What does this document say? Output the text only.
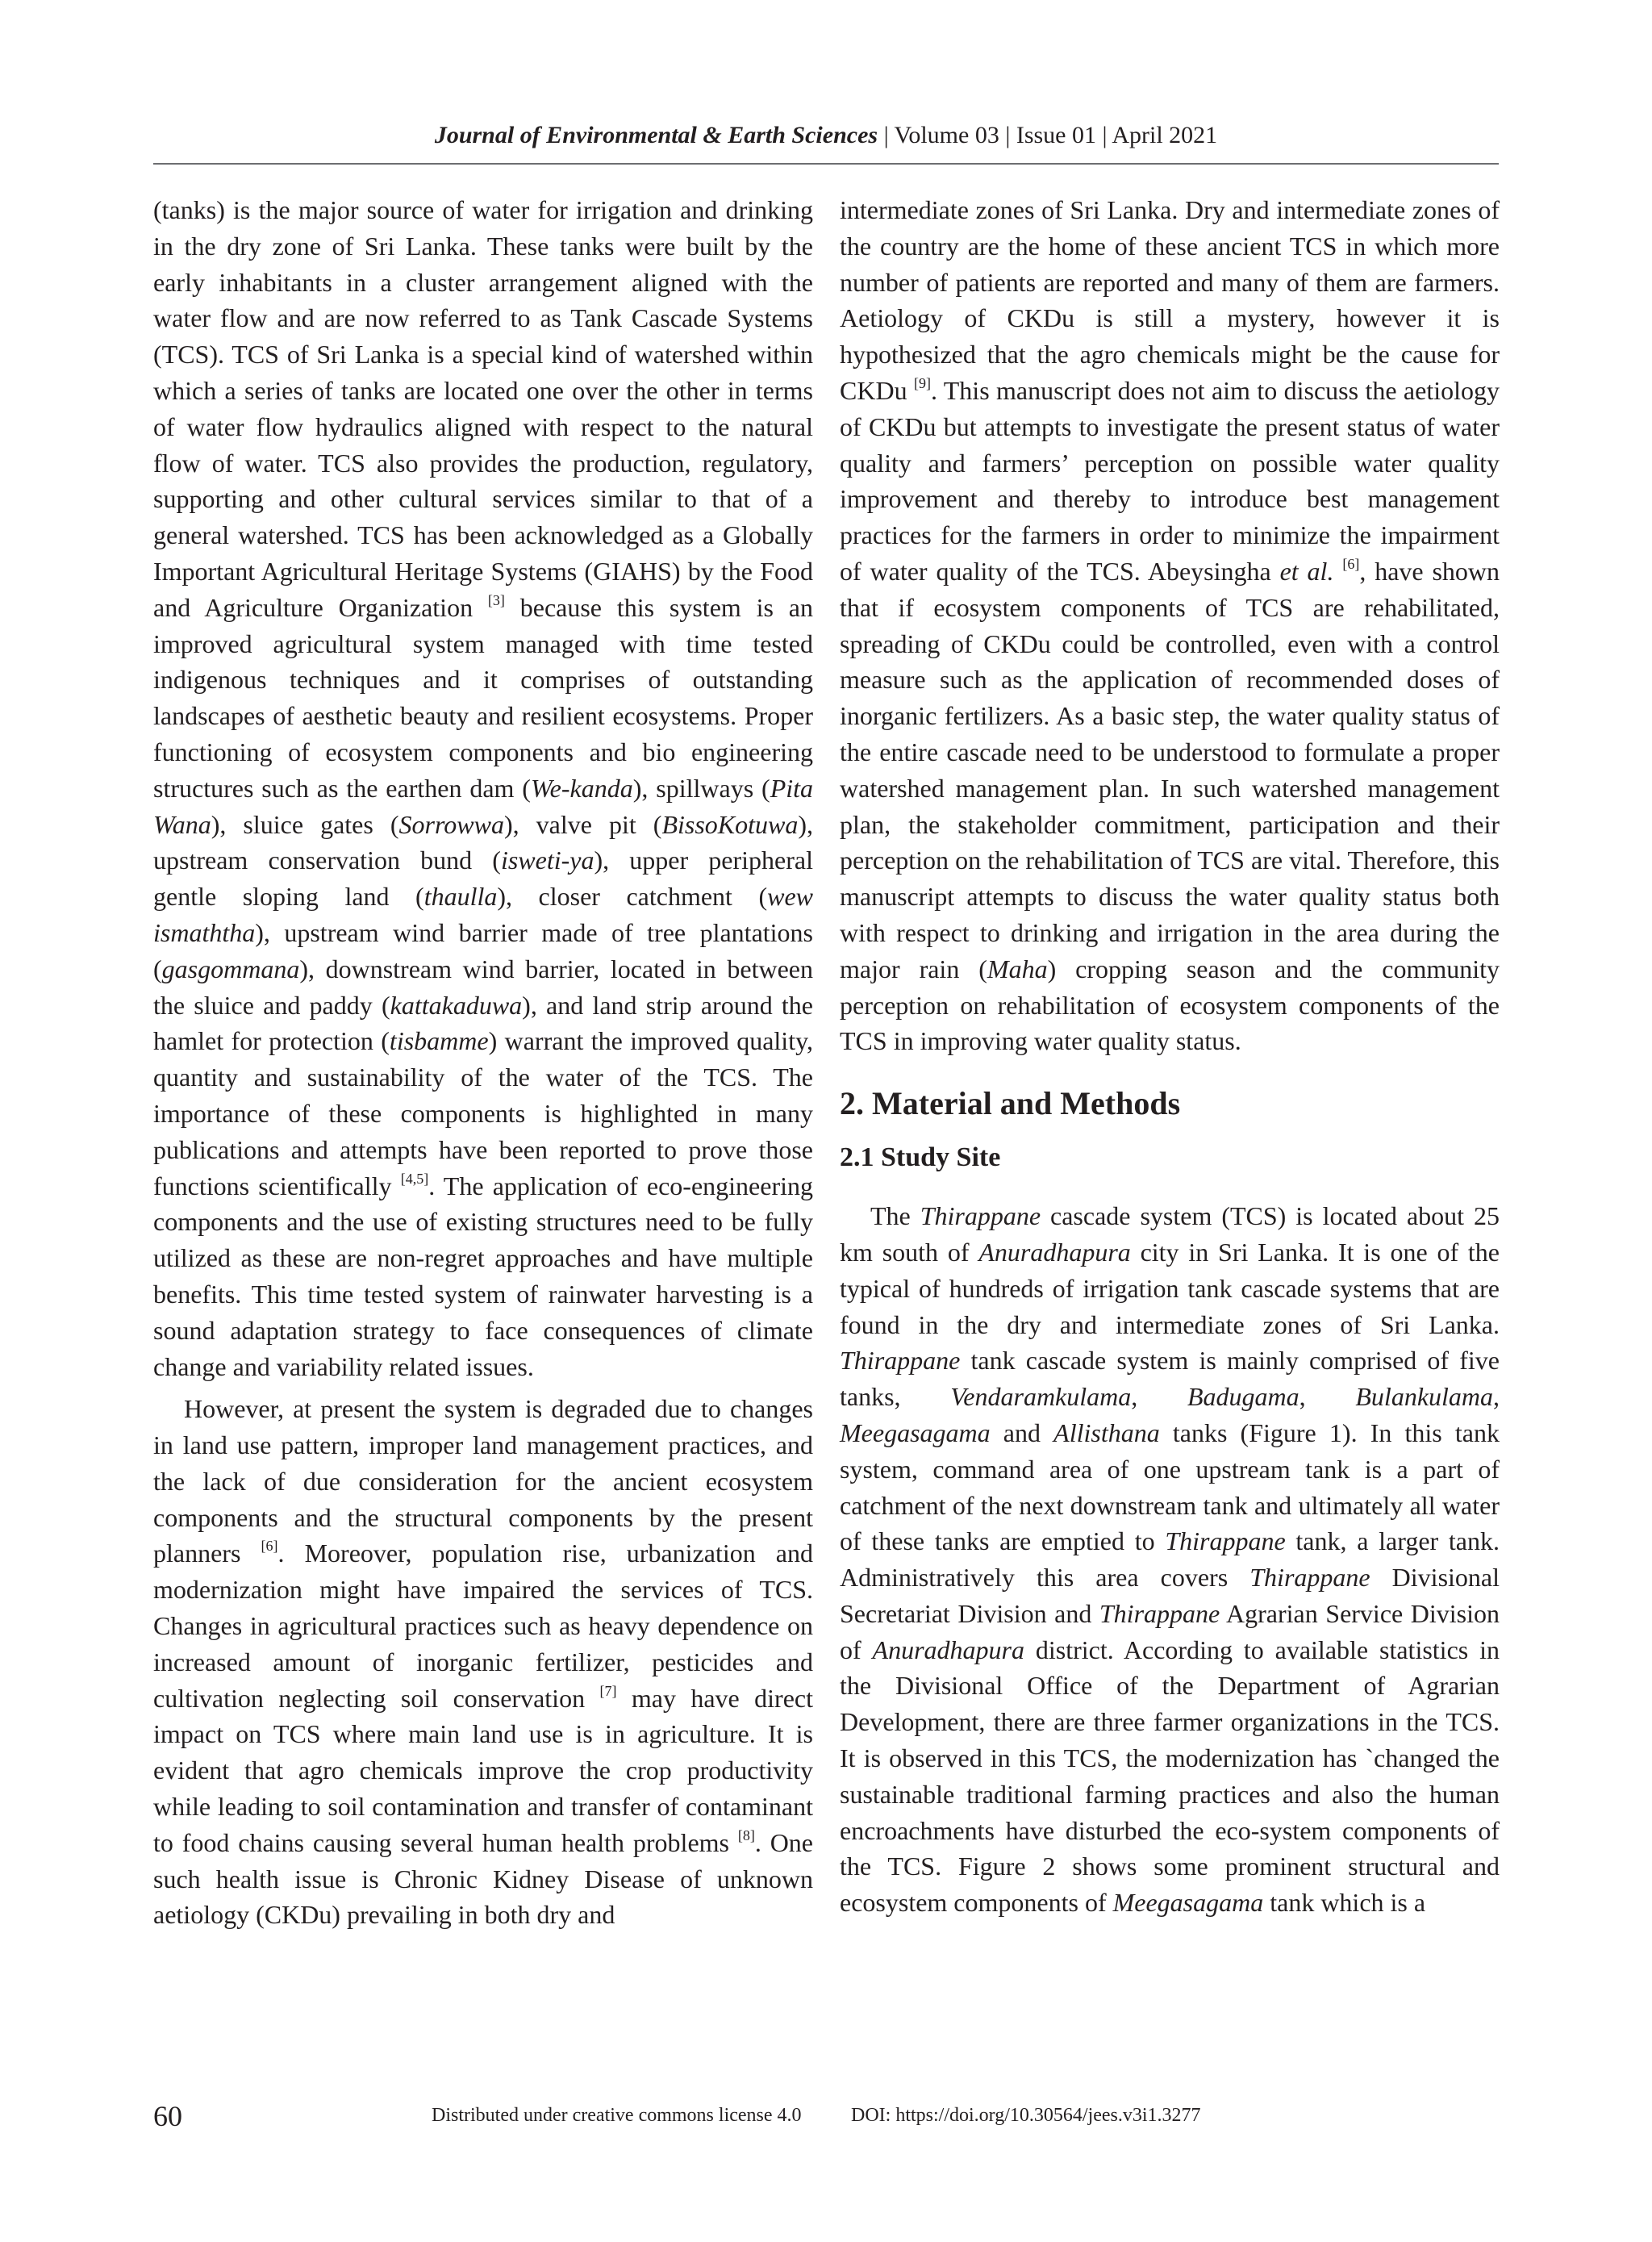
Journal of Environmental & Earth Sciences | Volume 03 | Issue 01 | April 2021

(tanks) is the major source of water for irrigation and drinking in the dry zone of Sri Lanka. These tanks were built by the early inhabitants in a cluster arrangement aligned with the water flow and are now referred to as Tank Cascade Systems (TCS). TCS of Sri Lanka is a special kind of watershed within which a series of tanks are located one over the other in terms of water flow hydraulics aligned with respect to the natural flow of water. TCS also provides the production, regulatory, supporting and other cultural services similar to that of a general watershed. TCS has been acknowledged as a Globally Important Agricultural Heritage Systems (GIAHS) by the Food and Agriculture Organization [3] because this system is an improved agricultural system managed with time tested indigenous techniques and it comprises of outstanding landscapes of aesthetic beauty and resilient ecosystems. Proper functioning of ecosystem components and bio engineering structures such as the earthen dam (We-kanda), spillways (Pita Wana), sluice gates (Sorrowwa), valve pit (BissoKotuwa), upstream conservation bund (isweti-ya), upper peripheral gentle sloping land (thaulla), closer catchment (wew ismaththa), upstream wind barrier made of tree plantations (gasgommana), downstream wind barrier, located in between the sluice and paddy (kattakaduwa), and land strip around the hamlet for protection (tisbamme) warrant the improved quality, quantity and sustainability of the water of the TCS. The importance of these components is highlighted in many publications and attempts have been reported to prove those functions scientifically [4,5]. The application of eco-engineering components and the use of existing structures need to be fully utilized as these are non-regret approaches and have multiple benefits. This time tested system of rainwater harvesting is a sound adaptation strategy to face consequences of climate change and variability related issues.

However, at present the system is degraded due to changes in land use pattern, improper land management practices, and the lack of due consideration for the ancient ecosystem components and the structural components by the present planners [6]. Moreover, population rise, urbanization and modernization might have impaired the services of TCS. Changes in agricultural practices such as heavy dependence on increased amount of inorganic fertilizer, pesticides and cultivation neglecting soil conservation [7] may have direct impact on TCS where main land use is in agriculture. It is evident that agro chemicals improve the crop productivity while leading to soil contamination and transfer of contaminant to food chains causing several human health problems [8]. One such health issue is Chronic Kidney Disease of unknown aetiology (CKDu) prevailing in both dry and

intermediate zones of Sri Lanka. Dry and intermediate zones of the country are the home of these ancient TCS in which more number of patients are reported and many of them are farmers. Aetiology of CKDu is still a mystery, however it is hypothesized that the agro chemicals might be the cause for CKDu [9]. This manuscript does not aim to discuss the aetiology of CKDu but attempts to investigate the present status of water quality and farmers’ perception on possible water quality improvement and thereby to introduce best management practices for the farmers in order to minimize the impairment of water quality of the TCS. Abeysingha et al. [6], have shown that if ecosystem components of TCS are rehabilitated, spreading of CKDu could be controlled, even with a control measure such as the application of recommended doses of inorganic fertilizers. As a basic step, the water quality status of the entire cascade need to be understood to formulate a proper watershed management plan. In such watershed management plan, the stakeholder commitment, participation and their perception on the rehabilitation of TCS are vital. Therefore, this manuscript attempts to discuss the water quality status both with respect to drinking and irrigation in the area during the major rain (Maha) cropping season and the community perception on rehabilitation of ecosystem components of the TCS in improving water quality status.

2. Material and Methods
2.1 Study Site

The Thirappane cascade system (TCS) is located about 25 km south of Anuradhapura city in Sri Lanka. It is one of the typical of hundreds of irrigation tank cascade systems that are found in the dry and intermediate zones of Sri Lanka. Thirappane tank cascade system is mainly comprised of five tanks, Vendaramkulama, Badugama, Bulankulama, Meegasagama and Allisthana tanks (Figure 1). In this tank system, command area of one upstream tank is a part of catchment of the next downstream tank and ultimately all water of these tanks are emptied to Thirappane tank, a larger tank. Administratively this area covers Thirappane Divisional Secretariat Division and Thirappane Agrarian Service Division of Anuradhapura district. According to available statistics in the Divisional Office of the Department of Agrarian Development, there are three farmer organizations in the TCS. It is observed in this TCS, the modernization has `changed the sustainable traditional farming practices and also the human encroachments have disturbed the eco-system components of the TCS. Figure 2 shows some prominent structural and ecosystem components of Meegasagama tank which is a

60	Distributed under creative commons license 4.0	DOI: https://doi.org/10.30564/jees.v3i1.3277
